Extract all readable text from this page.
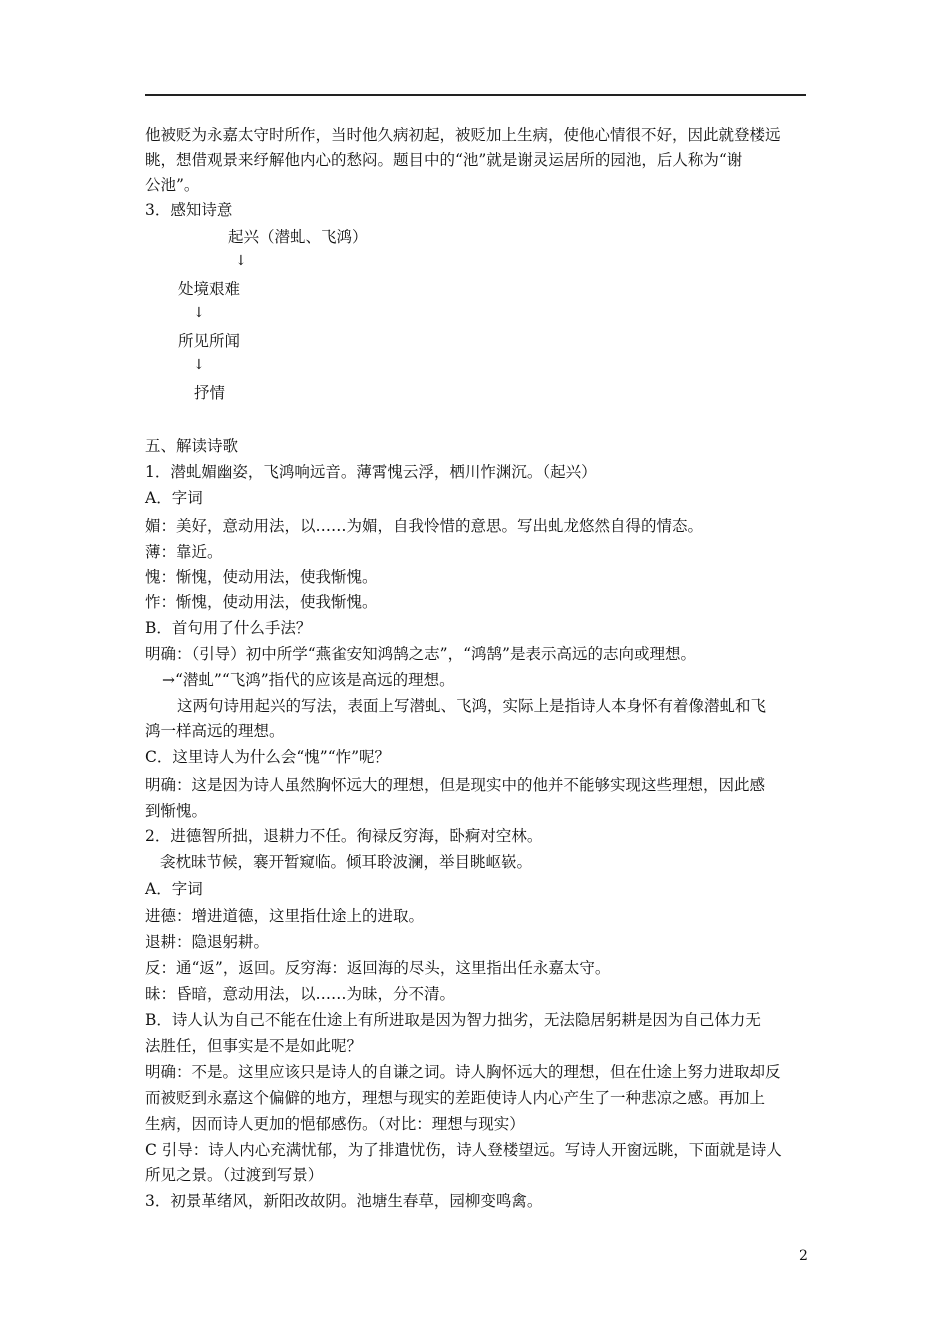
他被贬为永嘉太守时所作，当时他久病初起，被贬加上生病，使他心情很不好，因此就登楼远
眺，想借观景来纾解他内心的愁闷。题目中的“池”就是谢灵运居所的园池，后人称为“谢
公池”。
3．感知诗意
起兴（潜虬、飞鸿）
↓
处境艰难
↓
所见所闻
↓
抒情
五、解读诗歌
1．潜虬媚幽姿，飞鸿响远音。薄霄愧云浮，栖川怍渊沉。（起兴）
A．字词
媚：美好，意动用法，以……为媚，自我怜惜的意思。写出虬龙悠然自得的情态。
薄：靠近。
愧：惭愧，使动用法，使我惭愧。
怍：惭愧，使动用法，使我惭愧。
B．首句用了什么手法？
明确：（引导）初中所学“燕雀安知鸿鹄之志”，“鸿鹄”是表示高远的志向或理想。
→“潜虬”“飞鸿”指代的应该是高远的理想。
这两句诗用起兴的写法，表面上写潜虬、飞鸿，实际上是指诗人本身怀有着像潜虬和飞
鸿一样高远的理想。
C．这里诗人为什么会“愧”“怍”呢？
明确：这是因为诗人虽然胸怀远大的理想，但是现实中的他并不能够实现这些理想，因此感
到惭愧。
2．进德智所拙，退耕力不任。徇禄反穷海，卧痾对空林。
衾枕昧节候，褰开暂窥临。倾耳聆波澜，举目眺岖嵚。
A．字词
进德：增进道德，这里指仕途上的进取。
退耕：隐退躬耕。
反：通“返”，返回。反穷海：返回海的尽头，这里指出任永嘉太守。
昧：昏暗，意动用法，以……为昧，分不清。
B．诗人认为自己不能在仕途上有所进取是因为智力拙劣，无法隐居躬耕是因为自己体力无
法胜任，但事实是不是如此呢？
明确：不是。这里应该只是诗人的自谦之词。诗人胸怀远大的理想，但在仕途上努力进取却反
而被贬到永嘉这个偏僻的地方，理想与现实的差距使诗人内心产生了一种悲凉之感。再加上
生病，因而诗人更加的悒郁感伤。（对比：理想与现实）
C 引导：诗人内心充满忧郁，为了排遣忧伤，诗人登楼望远。写诗人开窗远眺，下面就是诗人
所见之景。（过渡到写景）
3．初景革绪风，新阳改故阴。池塘生春草，园柳变鸣禽。
2
